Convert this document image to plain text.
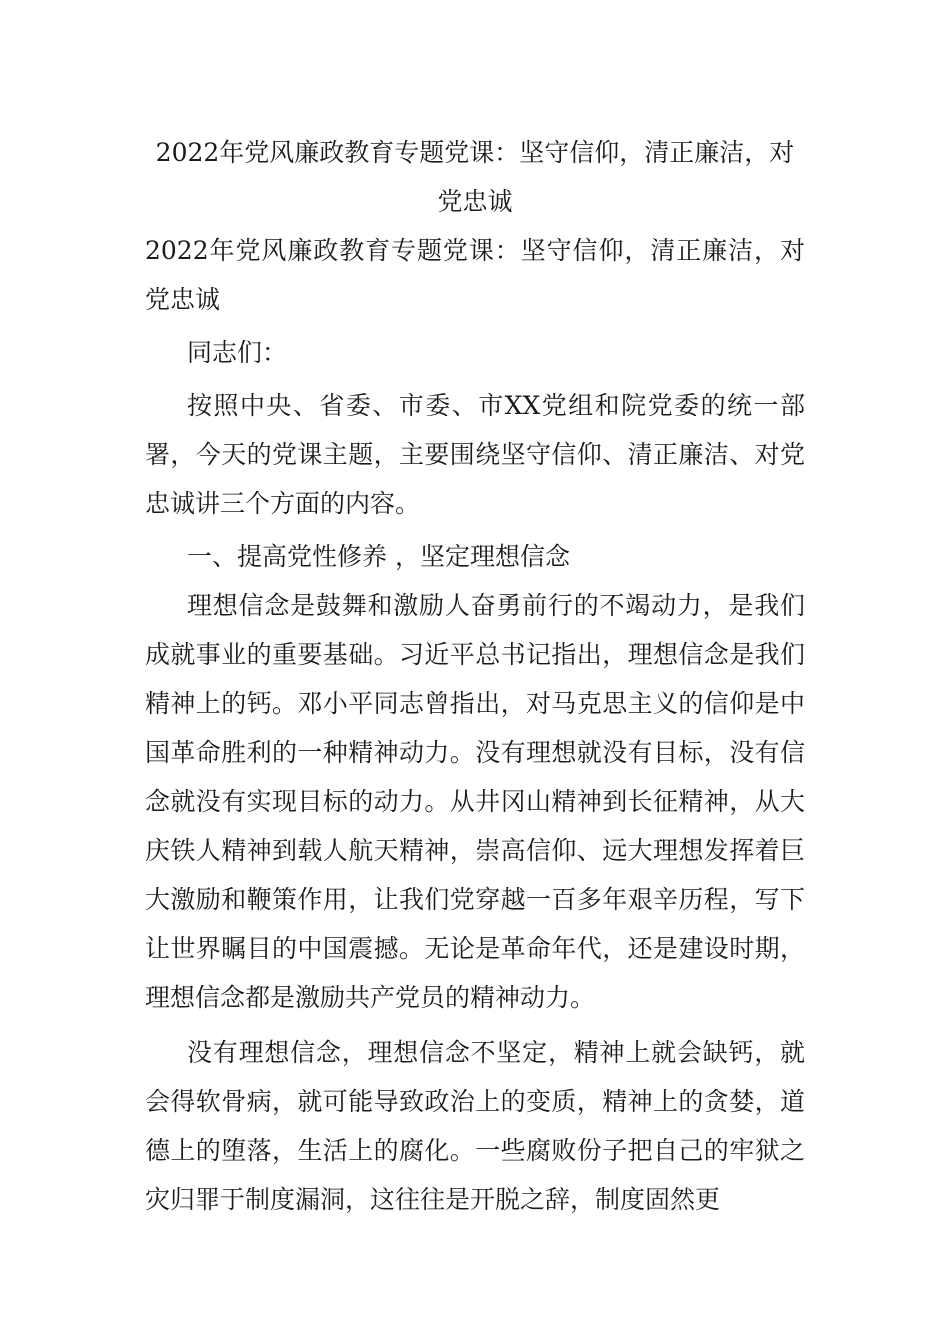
2022年党风廉政教育专题党课：坚守信仰，清正廉洁，对党忠诚

2022年党风廉政教育专题党课：坚守信仰，清正廉洁，对党忠诚

同志们：

按照中央、省委、市委、市XX党组和院党委的统一部署，今天的党课主题，主要围绕坚守信仰、清正廉洁、对党忠诚讲三个方面的内容。

一、提高党性修养 ，坚定理想信念

理想信念是鼓舞和激励人奋勇前行的不竭动力，是我们成就事业的重要基础。习近平总书记指出，理想信念是我们精神上的钙。邓小平同志曾指出，对马克思主义的信仰是中国革命胜利的一种精神动力。没有理想就没有目标，没有信念就没有实现目标的动力。从井冈山精神到长征精神，从大庆铁人精神到载人航天精神，崇高信仰、远大理想发挥着巨大激励和鞭策作用，让我们党穿越一百多年艰辛历程，写下让世界瞩目的中国震撼。无论是革命年代，还是建设时期，理想信念都是激励共产党员的精神动力。

没有理想信念，理想信念不坚定，精神上就会缺钙，就会得软骨病，就可能导致政治上的变质，精神上的贪婪，道德上的堕落，生活上的腐化。一些腐败份子把自己的牢狱之灾归罪于制度漏洞，这往往是开脱之辞，制度固然更
